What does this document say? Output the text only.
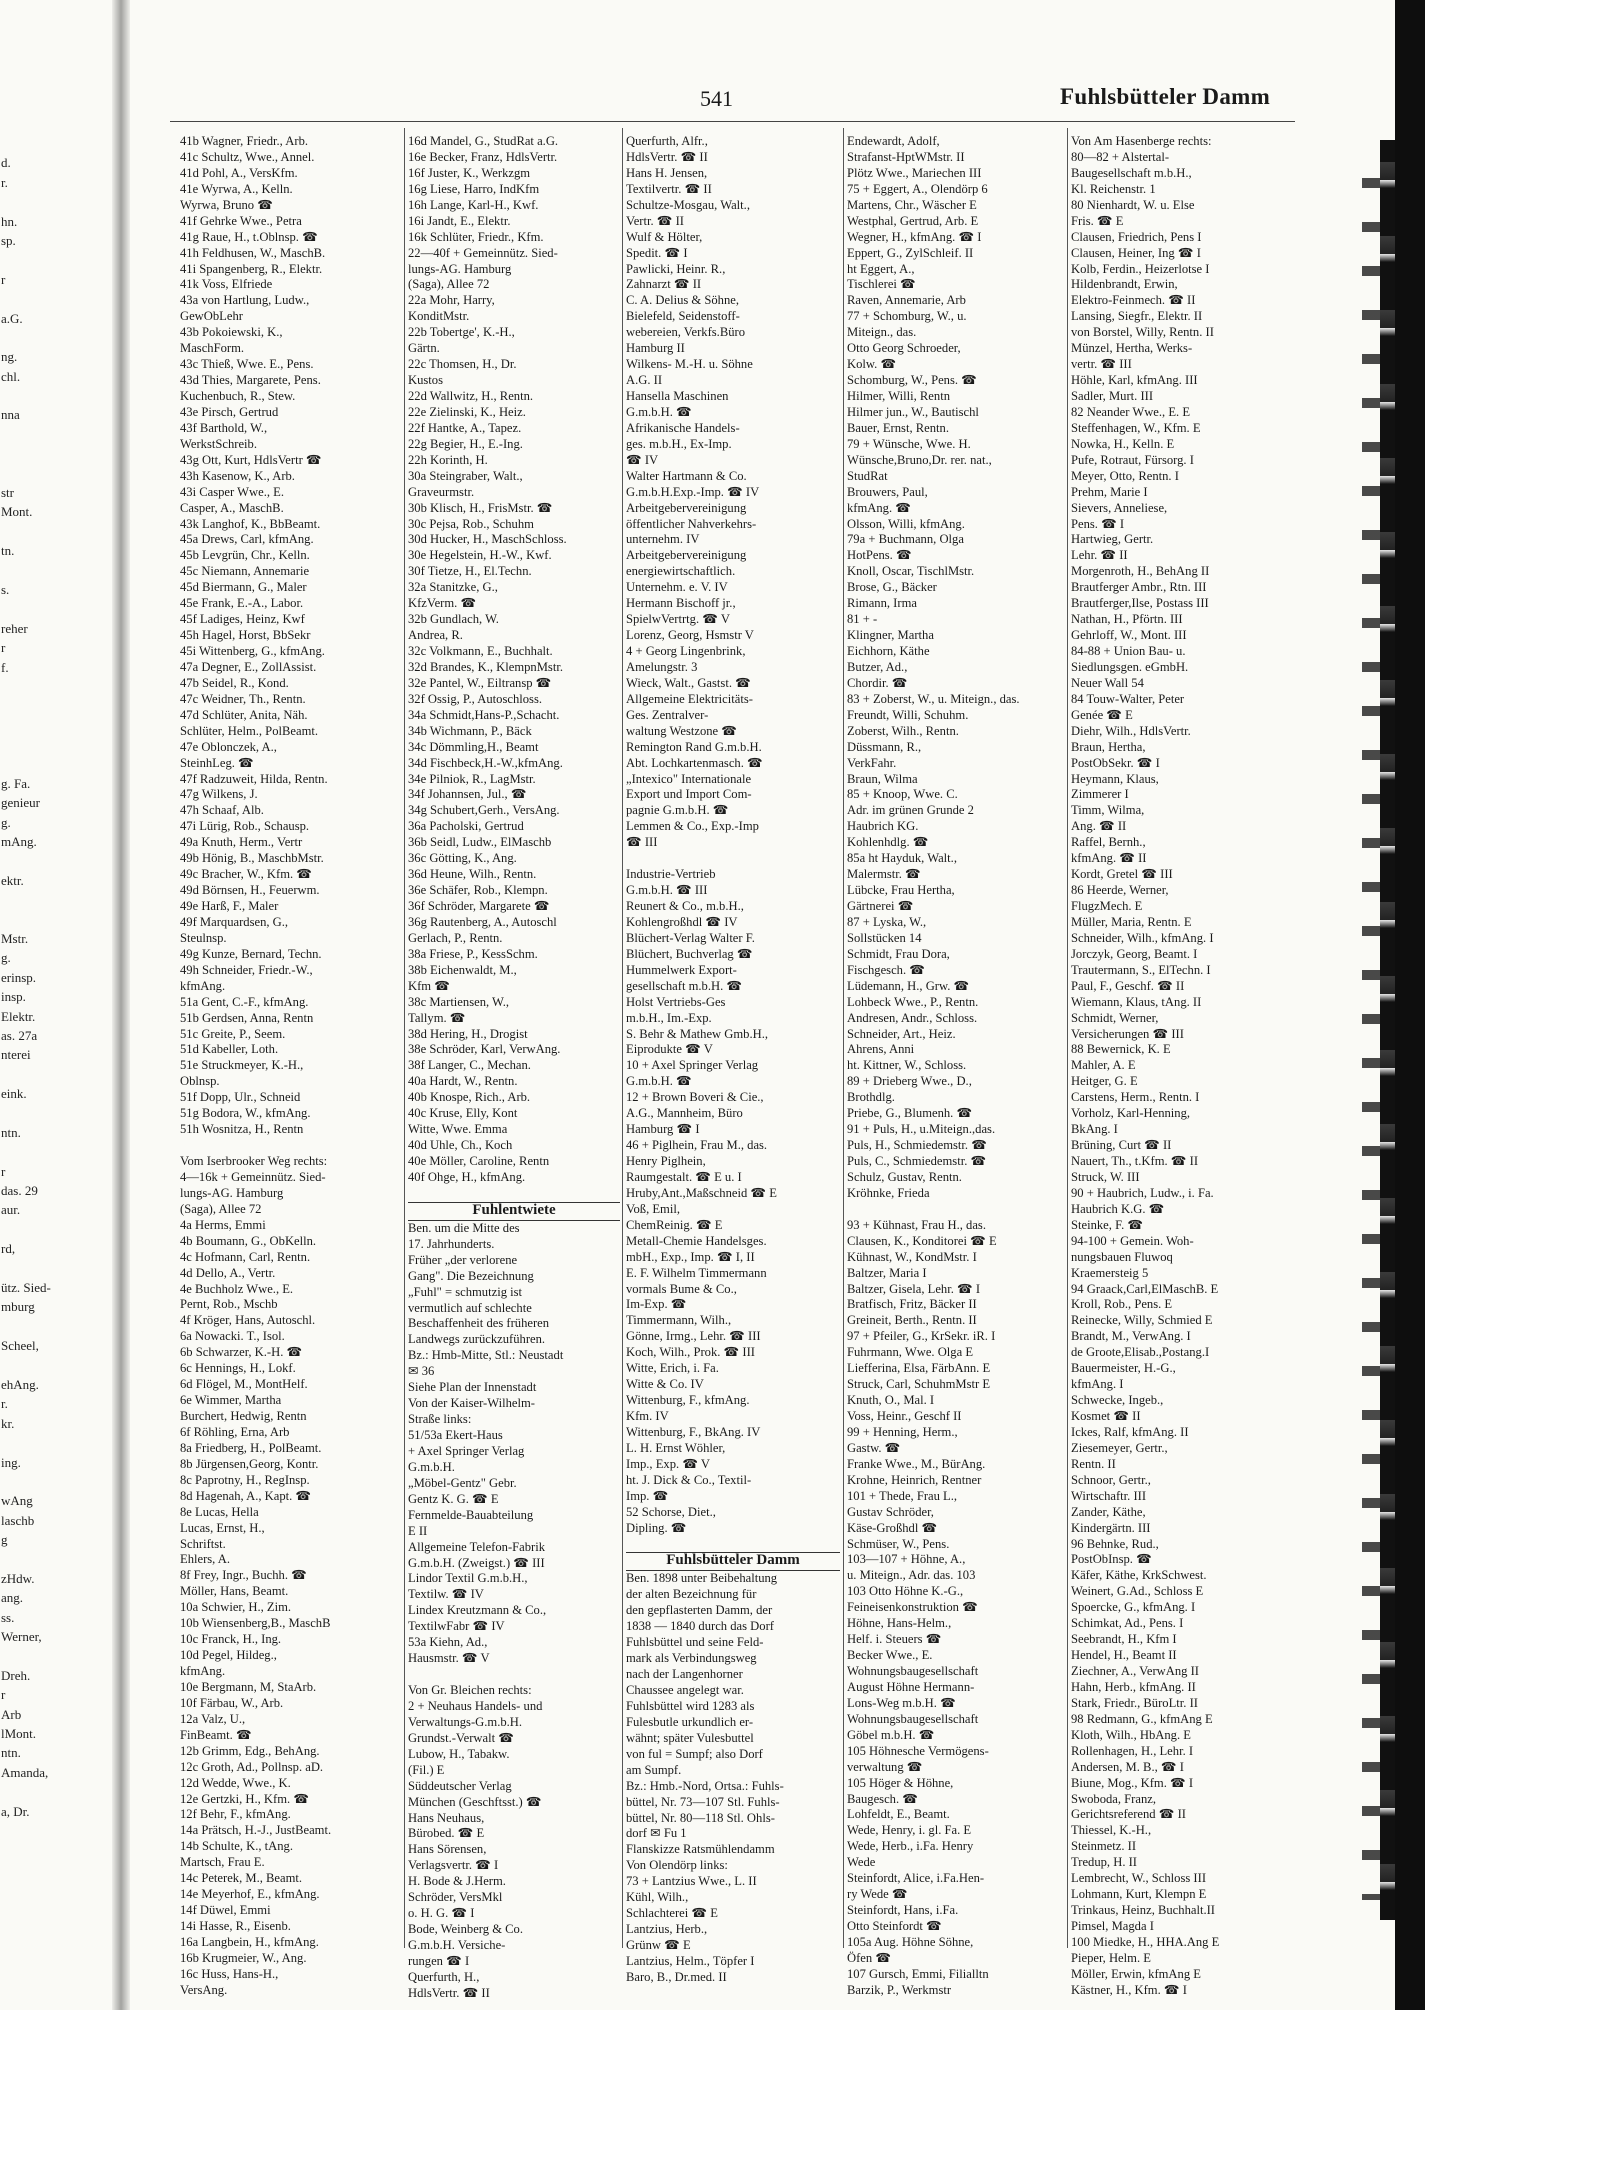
d.
r.
hn.
sp.
r
a.G.
ng.
chl.
nna
str
Mont.
tn.
s.
reher
r
f.
g. Fa.
genieur
g.
mAng.
ektr.
Mstr.
g.
erinsp.
insp.
Elektr.
as. 27a
nterei
eink.
ntn.
r
das. 29
aur.
rd,
ütz. Sied-
mburg
Scheel,
ehAng.
r.
kr.
ing.
wAng
laschb
g
zHdw.
ang.
ss.
Werner,
Dreh.
r
Arb
lMont.
ntn.
Amanda,
a, Dr.
541	Fuhlsbütteler Damm
41b Wagner, Friedr., Arb.
41c Schultz, Wwe., Annel.
41d Pohl, A., VersKfm.
41e Wyrwa, A., Kelln.
Wyrwa, Bruno ☎
41f Gehrke Wwe., Petra
41g Raue, H., t.Oblnsp. ☎
41h Feldhusen, W., MaschB.
41i Spangenberg, R., Elektr.
41k Voss, Elfriede
43a von Hartlung, Ludw.,
GewObLehr
43b Pokoiewski, K.,
MaschForm.
43c Thieß, Wwe. E., Pens.
43d Thies, Margarete, Pens.
Kuchenbuch, R., Stew.
43e Pirsch, Gertrud
43f Barthold, W.,
WerkstSchreib.
43g Ott, Kurt, HdlsVertr ☎
43h Kasenow, K., Arb.
43i Casper Wwe., E.
Casper, A., MaschB.
43k Langhof, K., BbBeamt.
45a Drews, Carl, kfmAng.
45b Levgrün, Chr., Kelln.
45c Niemann, Annemarie
45d Biermann, G., Maler
45e Frank, E.-A., Labor.
45f Ladiges, Heinz, Kwf
45h Hagel, Horst, BbSekr
45i Wittenberg, G., kfmAng.
47a Degner, E., ZollAssist.
47b Seidel, R., Kond.
47c Weidner, Th., Rentn.
47d Schlüter, Anita, Näh.
Schlüter, Helm., PolBeamt.
47e Oblonczek, A.,
SteinhLeg. ☎
47f Radzuweit, Hilda, Rentn.
47g Wilkens, J.
47h Schaaf, Alb.
47i Lürig, Rob., Schausp.
49a Knuth, Herm., Vertr
49b Hönig, B., MaschbMstr.
49c Bracher, W., Kfm. ☎
49d Börnsen, H., Feuerwm.
49e Harß, F., Maler
49f Marquardsen, G.,
Steulnsp.
49g Kunze, Bernard, Techn.
49h Schneider, Friedr.-W.,
kfmAng.
51a Gent, C.-F., kfmAng.
51b Gerdsen, Anna, Rentn
51c Greite, P., Seem.
51d Kabeller, Loth.
51e Struckmeyer, K.-H.,
Oblnsp.
51f Dopp, Ulr., Schneid
51g Bodora, W., kfmAng.
51h Wosnitza, H., Rentn
Vom Iserbrooker Weg rechts:
4—16k + Gemeinnütz. Sied-
lungs-AG. Hamburg
(Saga), Allee 72
4a Herms, Emmi
4b Boumann, G., ObKelln.
4c Hofmann, Carl, Rentn.
4d Dello, A., Vertr.
4e Buchholz Wwe., E.
Pernt, Rob., Mschb
4f Kröger, Hans, Autoschl.
6a Nowacki. T., Isol.
6b Schwarzer, K.-H. ☎
6c Hennings, H., Lokf.
6d Flögel, M., MontHelf.
6e Wimmer, Martha
Burchert, Hedwig, Rentn
6f Röhling, Erna, Arb
8a Friedberg, H., PolBeamt.
8b Jürgensen,Georg, Kontr.
8c Paprotny, H., RegInsp.
8d Hagenah, A., Kapt. ☎
8e Lucas, Hella
Lucas, Ernst, H.,
Schriftst.
Ehlers, A.
8f Frey, Ingr., Buchh. ☎
Möller, Hans, Beamt.
10a Schwier, H., Zim.
10b Wiensenberg,B., MaschB
10c Franck, H., Ing.
10d Pegel, Hildeg.,
kfmAng.
10e Bergmann, M, StaArb.
10f Färbau, W., Arb.
12a Valz, U.,
FinBeamt. ☎
12b Grimm, Edg., BehAng.
12c Groth, Ad., Pollnsp. aD.
12d Wedde, Wwe., K.
12e Gertzki, H., Kfm. ☎
12f Behr, F., kfmAng.
14a Prätsch, H.-J., JustBeamt.
14b Schulte, K., tAng.
Martsch, Frau E.
14c Peterek, M., Beamt.
14e Meyerhof, E., kfmAng.
14f Düwel, Emmi
14i Hasse, R., Eisenb.
16a Langbein, H., kfmAng.
16b Krugmeier, W., Ang.
16c Huss, Hans-H.,
VersAng.
16d Mandel, G., StudRat a.G.
16e Becker, Franz, HdlsVertr.
16f Juster, K., Werkzgm
16g Liese, Harro, IndKfm
16h Lange, Karl-H., Kwf.
16i Jandt, E., Elektr.
16k Schlüter, Friedr., Kfm.
22—40f + Gemeinnütz. Sied-
lungs-AG. Hamburg
(Saga), Allee 72
22a Mohr, Harry,
KonditMstr.
22b Tobertge', K.-H.,
Gärtn.
22c Thomsen, H., Dr.
Kustos
22d Wallwitz, H., Rentn.
22e Zielinski, K., Heiz.
22f Hantke, A., Tapez.
22g Begier, H., E.-Ing.
22h Korinth, H.
30a Steingraber, Walt.,
Graveurmstr.
30b Klisch, H., FrisMstr. ☎
30c Pejsa, Rob., Schuhm
30d Hucker, H., MaschSchloss.
30e Hegelstein, H.-W., Kwf.
30f Tietze, H., El.Techn.
32a Stanitzke, G.,
KfzVerm. ☎
32b Gundlach, W.
Andrea, R.
32c Volkmann, E., Buchhalt.
32d Brandes, K., KlempnMstr.
32e Pantel, W., Eiltransp ☎
32f Ossig, P., Autoschloss.
34a Schmidt,Hans-P.,Schacht.
34b Wichmann, P., Bäck
34c Dömmling,H., Beamt
34d Fischbeck,H.-W.,kfmAng.
34e Pilniok, R., LagMstr.
34f Johannsen, Jul., ☎
34g Schubert,Gerh., VersAng.
36a Pacholski, Gertrud
36b Seidl, Ludw., ElMaschb
36c Götting, K., Ang.
36d Heune, Wilh., Rentn.
36e Schäfer, Rob., Klempn.
36f Schröder, Margarete ☎
36g Rautenberg, A., Autoschl
Gerlach, P., Rentn.
38a Friese, P., KessSchm.
38b Eichenwaldt, M.,
Kfm ☎
38c Martiensen, W.,
Tallym. ☎
38d Hering, H., Drogist
38e Schröder, Karl, VerwAng.
38f Langer, C., Mechan.
40a Hardt, W., Rentn.
40b Knospe, Rich., Arb.
40c Kruse, Elly, Kont
Witte, Wwe. Emma
40d Uhle, Ch., Koch
40e Möller, Caroline, Rentn
40f Ohge, H., kfmAng.
Fuhlentwiete
Ben. um die Mitte des
17. Jahrhunderts.
Früher „der verlorene
Gang". Die Bezeichnung
„Fuhl" = schmutzig ist
vermutlich auf schlechte
Beschaffenheit des früheren
Landwegs zurückzuführen.
Bz.: Hmb-Mitte, Stl.: Neustadt
✉ 36
Siehe Plan der Innenstadt
Von der Kaiser-Wilhelm-
Straße links:
51/53a Ekert-Haus
+ Axel Springer Verlag
G.m.b.H.
„Möbel-Gentz" Gebr.
Gentz K. G. ☎ E
Fernmelde-Bauabteilung
E II
Allgemeine Telefon-Fabrik
G.m.b.H. (Zweigst.) ☎ III
Lindor Textil G.m.b.H.,
Textilw. ☎ IV
Lindex Kreutzmann & Co.,
TextilwFabr ☎ IV
53a Kiehn, Ad.,
Hausmstr. ☎ V
Von Gr. Bleichen rechts:
2 + Neuhaus Handels- und
Verwaltungs-G.m.b.H.
Grundst.-Verwalt ☎
Lubow, H., Tabakw.
(Fil.) E
Süddeutscher Verlag
München (Geschftsst.) ☎
Hans Neuhaus,
Bürobed. ☎ E
Hans Sörensen,
Verlagsvertr. ☎ I
H. Bode & J.Herm.
Schröder, VersMkl
o. H. G. ☎ I
Bode, Weinberg & Co.
G.m.b.H. Versiche-
rungen ☎ I
Querfurth, H.,
HdlsVertr. ☎ II
Querfurth, Alfr.,
HdlsVertr. ☎ II
Hans H. Jensen,
Textilvertr. ☎ II
Schultze-Mosgau, Walt.,
Vertr. ☎ II
Wulf & Hölter,
Spedit. ☎ I
Pawlicki, Heinr. R.,
Zahnarzt ☎ II
C. A. Delius & Söhne,
Bielefeld, Seidenstoff-
webereien, Verkfs.Büro
Hamburg II
Wilkens- M.-H. u. Söhne
A.G. II
Hansella Maschinen
G.m.b.H. ☎
Afrikanische Handels-
ges. m.b.H., Ex-Imp.
☎ IV
Walter Hartmann & Co.
G.m.b.H.Exp.-Imp. ☎ IV
Arbeitgebervereinigung
öffentlicher Nahverkehrs-
unternehm. IV
Arbeitgebervereinigung
energiewirtschaftlich.
Unternehm. e. V. IV
Hermann Bischoff jr.,
SpielwVertrtg. ☎ V
Lorenz, Georg, Hsmstr V
4 + Georg Lingenbrink,
Amelungstr. 3
Wieck, Walt., Gastst. ☎
Allgemeine Elektricitäts-
Ges. Zentralver-
waltung Westzone ☎
Remington Rand G.m.b.H.
Abt. Lochkartenmasch. ☎
„Intexico" Internationale
Export und Import Com-
pagnie G.m.b.H. ☎
Lemmen & Co., Exp.-Imp
☎ III
Industrie-Vertrieb
G.m.b.H. ☎ III
Reunert & Co., m.b.H.,
Kohlengroßhdl ☎ IV
Blüchert-Verlag Walter F.
Blüchert, Buchverlag ☎
Hummelwerk Export-
gesellschaft m.b.H. ☎
Holst Vertriebs-Ges
m.b.H., Im.-Exp.
S. Behr & Mathew Gmb.H.,
Eiprodukte ☎ V
10 + Axel Springer Verlag
G.m.b.H. ☎
12 + Brown Boveri & Cie.,
A.G., Mannheim, Büro
Hamburg ☎ I
46 + Piglhein, Frau M., das.
Henry Piglhein,
Raumgestalt. ☎ E u. I
Hruby,Ant.,Maßschneid ☎ E
Voß, Emil,
ChemReinig. ☎ E
Metall-Chemie Handelsges.
mbH., Exp., Imp. ☎ I, II
E. F. Wilhelm Timmermann
vormals Bume & Co.,
Im-Exp. ☎
Timmermann, Wilh.,
Gönne, Irmg., Lehr. ☎ III
Koch, Wilh., Prok. ☎ III
Witte, Erich, i. Fa.
Witte & Co. IV
Wittenburg, F., kfmAng.
Kfm. IV
Wittenburg, F., BkAng. IV
L. H. Ernst Wöhler,
Imp., Exp. ☎ V
ht. J. Dick & Co., Textil-
Imp. ☎
52 Schorse, Diet.,
Dipling. ☎
Fuhlsbütteler Damm
Ben. 1898 unter Beibehaltung
der alten Bezeichnung für
den gepflasterten Damm, der
1838 — 1840 durch das Dorf
Fuhlsbüttel und seine Feld-
mark als Verbindungsweg
nach der Langenhorner
Chaussee angelegt war.
Fuhlsbüttel wird 1283 als
Fulesbutle urkundlich er-
wähnt; später Vulesbuttel
von ful = Sumpf; also Dorf
am Sumpf.
Bz.: Hmb.-Nord, Ortsa.: Fuhls-
büttel, Nr. 73—107 Stl. Fuhls-
büttel, Nr. 80—118 Stl. Ohls-
dorf ✉ Fu 1
Flanskizze Ratsmühlendamm
Von Olendörp links:
73 + Lantzius Wwe., L. II
Kühl, Wilh.,
Schlachterei ☎ E
Lantzius, Herb.,
Grünw ☎ E
Lantzius, Helm., Töpfer I
Baro, B., Dr.med. II
Endewardt, Adolf,
Strafanst-HptWMstr. II
Plötz Wwe., Mariechen III
75 + Eggert, A., Olendörp 6
Martens, Chr., Wäscher E
Westphal, Gertrud, Arb. E
Wegner, H., kfmAng. ☎ I
Eppert, G., ZylSchleif. II
ht Eggert, A.,
Tischlerei ☎
Raven, Annemarie, Arb
77 + Schomburg, W., u.
Miteign., das.
Otto Georg Schroeder,
Kolw. ☎
Schomburg, W., Pens. ☎
Hilmer, Willi, Rentn
Hilmer jun., W., Bautischl
Bauer, Ernst, Rentn.
79 + Wünsche, Wwe. H.
Wünsche,Bruno,Dr. rer. nat.,
StudRat
Brouwers, Paul,
kfmAng. ☎
Olsson, Willi, kfmAng.
79a + Buchmann, Olga
HotPens. ☎
Knoll, Oscar, TischlMstr.
Brose, G., Bäcker
Rimann, Irma
81 + -
Klingner, Martha
Eichhorn, Käthe
Butzer, Ad.,
Chordir. ☎
83 + Zoberst, W., u. Miteign., das.
Freundt, Willi, Schuhm.
Zoberst, Wilh., Rentn.
Düssmann, R.,
VerkFahr.
Braun, Wilma
85 + Knoop, Wwe. C.
Adr. im grünen Grunde 2
Haubrich KG.
Kohlenhdlg. ☎
85a ht Hayduk, Walt.,
Malermstr. ☎
Lübcke, Frau Hertha,
Gärtnerei ☎
87 + Lyska, W.,
Sollstücken 14
Schmidt, Frau Dora,
Fischgesch. ☎
Lüdemann, H., Grw. ☎
Lohbeck Wwe., P., Rentn.
Andresen, Andr., Schloss.
Schneider, Art., Heiz.
Ahrens, Anni
ht. Kittner, W., Schloss.
89 + Drieberg Wwe., D.,
Brothdlg.
Priebe, G., Blumenh. ☎
91 + Puls, H., u.Miteign.,das.
Puls, H., Schmiedemstr. ☎
Puls, C., Schmiedemstr. ☎
Schulz, Gustav, Rentn.
Kröhnke, Frieda
93 + Kühnast, Frau H., das.
Clausen, K., Konditorei ☎ E
Kühnast, W., KondMstr. I
Baltzer, Maria I
Baltzer, Gisela, Lehr. ☎ I
Bratfisch, Fritz, Bäcker II
Greineit, Berth., Rentn. II
97 + Pfeiler, G., KrSekr. iR. I
Fuhrmann, Wwe. Olga E
Liefferina, Elsa, FärbAnn. E
Struck, Carl, SchuhmMstr E
Knuth, O., Mal. I
Voss, Heinr., Geschf II
99 + Henning, Herm.,
Gastw. ☎
Franke Wwe., M., BürAng.
Krohne, Heinrich, Rentner
101 + Thede, Frau L.,
Gustav Schröder,
Käse-Großhdl ☎
Schmüser, W., Pens.
103—107 + Höhne, A.,
u. Miteign., Adr. das. 103
103 Otto Höhne K.-G.,
Feineisenkonstruktion ☎
Höhne, Hans-Helm.,
Helf. i. Steuers ☎
Becker Wwe., E.
Wohnungsbaugesellschaft
August Höhne Hermann-
Lons-Weg m.b.H. ☎
Wohnungsbaugesellschaft
Göbel m.b.H. ☎
105 Höhnesche Vermögens-
verwaltung ☎
105 Höger & Höhne,
Baugesch. ☎
Lohfeldt, E., Beamt.
Wede, Henry, i. gl. Fa. E
Wede, Herb., i.Fa. Henry
Wede
Steinfordt, Alice, i.Fa.Hen-
ry Wede ☎
Steinfordt, Hans, i.Fa.
Otto Steinfordt ☎
105a Aug. Höhne Söhne,
Öfen ☎
107 Gursch, Emmi, Filialltn
Barzik, P., Werkmstr
Von Am Hasenberge rechts:
80—82 + Alstertal-
Baugesellschaft m.b.H.,
Kl. Reichenstr. 1
80 Nienhardt, W. u. Else
Fris. ☎ E
Clausen, Friedrich, Pens I
Clausen, Heiner, Ing ☎ I
Kolb, Ferdin., Heizerlotse I
Hildenbrandt, Erwin,
Elektro-Feinmech. ☎ II
Lansing, Siegfr., Elektr. II
von Borstel, Willy, Rentn. II
Münzel, Hertha, Werks-
vertr. ☎ III
Höhle, Karl, kfmAng. III
Sadler, Murt. III
82 Neander Wwe., E. E
Steffenhagen, W., Kfm. E
Nowka, H., Kelln. E
Pufe, Rotraut, Fürsorg. I
Meyer, Otto, Rentn. I
Prehm, Marie I
Sievers, Anneliese,
Pens. ☎ I
Hartwieg, Gertr.
Lehr. ☎ II
Morgenroth, H., BehAng II
Brautferger Ambr., Rtn. III
Brautferger,Ilse, Postass III
Nathan, H., Pförtn. III
Gehrloff, W., Mont. III
84-88 + Union Bau- u.
Siedlungsgen. eGmbH.
Neuer Wall 54
84 Touw-Walter, Peter
Genée ☎ E
Diehr, Wilh., HdlsVertr.
Braun, Hertha,
PostObSekr. ☎ I
Heymann, Klaus,
Zimmerer I
Timm, Wilma,
Ang. ☎ II
Raffel, Bernh.,
kfmAng. ☎ II
Kordt, Gretel ☎ III
86 Heerde, Werner,
FlugzMech. E
Müller, Maria, Rentn. E
Schneider, Wilh., kfmAng. I
Jorczyk, Georg, Beamt. I
Trautermann, S., ElTechn. I
Paul, F., Geschf. ☎ II
Wiemann, Klaus, tAng. II
Schmidt, Werner,
Versicherungen ☎ III
88 Bewernick, K. E
Mahler, A. E
Heitger, G. E
Carstens, Herm., Rentn. I
Vorholz, Karl-Henning,
BkAng. I
Brüning, Curt ☎ II
Nauert, Th., t.Kfm. ☎ II
Struck, W. III
90 + Haubrich, Ludw., i. Fa.
Haubrich K.G. ☎
Steinke, F. ☎
94-100 + Gemein. Woh-
nungsbauen Fluwoq
Kraemersteig 5
94 Graack,Carl,ElMaschB. E
Kroll, Rob., Pens. E
Reinecke, Willy, Schmied E
Brandt, M., VerwAng. I
de Groote,Elisab.,Postang.I
Bauermeister, H.-G.,
kfmAng. I
Schwecke, Ingeb.,
Kosmet ☎ II
Ickes, Ralf, kfmAng. II
Ziesemeyer, Gertr.,
Rentn. II
Schnoor, Gertr.,
Wirtschaftr. III
Zander, Käthe,
Kindergärtn. III
96 Behnke, Rud.,
PostObInsp. ☎
Käfer, Käthe, KrkSchwest.
Weinert, G.Ad., Schloss E
Spoercke, G., kfmAng. I
Schimkat, Ad., Pens. I
Seebrandt, H., Kfm I
Hendel, H., Beamt II
Ziechner, A., VerwAng II
Hahn, Herb., kfmAng. II
Stark, Friedr., BüroLtr. II
98 Redmann, G., kfmAng E
Kloth, Wilh., HbAng. E
Rollenhagen, H., Lehr. I
Andersen, M. B., ☎ I
Biune, Mog., Kfm. ☎ I
Swoboda, Franz,
Gerichtsreferend ☎ II
Thiessel, K.-H.,
Steinmetz. II
Tredup, H. II
Lembrecht, W., Schloss III
Lohmann, Kurt, Klempn E
Trinkaus, Heinz, Buchhalt.II
Pimsel, Magda I
100 Miedke, H., HHA.Ang E
Pieper, Helm. E
Möller, Erwin, kfmAng E
Kästner, H., Kfm. ☎ I
